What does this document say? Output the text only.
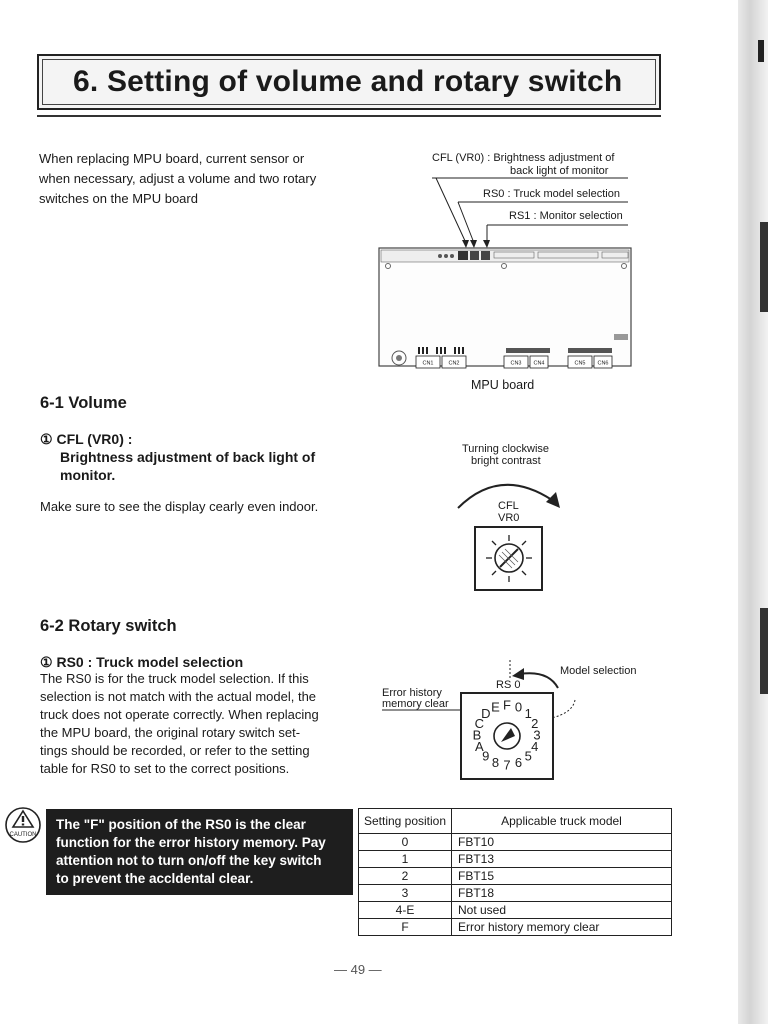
6. Setting of volume and rotary switch
When replacing MPU board, current sensor or
when necessary, adjust a volume and two rotary
switches on the MPU board
CFL (VR0) : Brightness adjustment of
back light of monitor
RS0 : Truck model selection
RS1 : Monitor selection
CN1	CN2	CN3 CN4	CN5 CN6
MPU board
6-1 Volume
① CFL (VR0) :
Brightness adjustment of back light of
monitor.
Make sure to see the display cearly even indoor.
Turning clockwise
bright contrast
CFL
VR0
6-2 Rotary switch
① RS0 : Truck model selection
The RS0 is for the truck model selection. If this
selection is not match with the actual model, the
truck does not operate correctly. When replacing
the MPU board, the original rotary switch set-
tings should be recorded, or refer to the setting
table for RS0 to set to the correct positions.
Model selection
RS 0
Error history
memory clear	F 0 1
2
3
4
5
6
7
8
9
A
B
C
D E
CAUTION
The "F" position of the RS0 is the clear
function for the error history memory. Pay
attention not to turn on/off the key switch
to prevent the accldental clear.
Setting position	Applicable truck model
0	FBT10
1	FBT13
2	FBT15
3	FBT18
4-E	Not used
F	Error history memory clear
— 49 —
